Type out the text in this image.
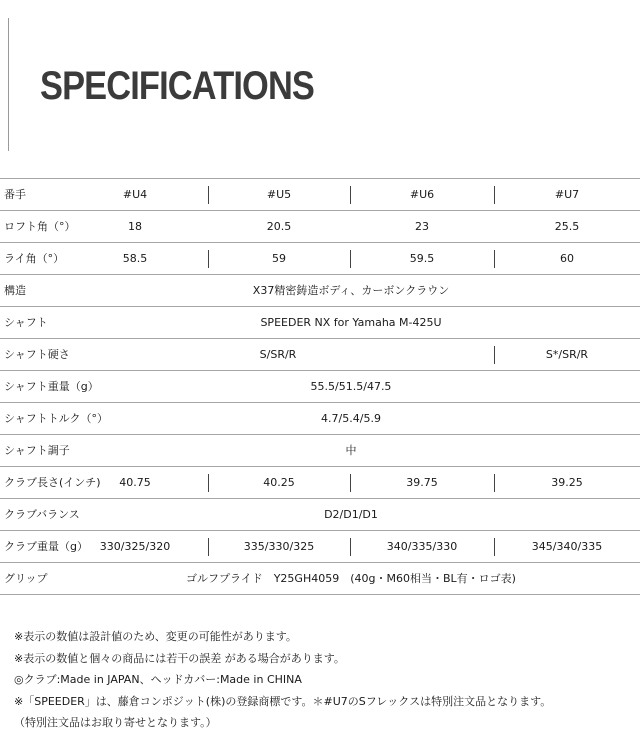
SPECIFICATIONS
番手	#U4	#U5	#U6	#U7
ロフト角（°）	18	20.5	23	25.5
ライ角（°）	58.5	59	59.5	60
構造	X37精密鋳造ボディ、カーボンクラウン
シャフト	SPEEDER NX for Yamaha M-425U
シャフト硬さ	S/SR/R	S*/SR/R
シャフト重量（g）	55.5/51.5/47.5
シャフトトルク（°）	4.7/5.4/5.9
シャフト調子	中
クラブ長さ(インチ)	40.75	40.25	39.75	39.25
クラブバランス	D2/D1/D1
クラブ重量（g）	330/325/320	335/330/325	340/335/330	345/340/335
グリップ	ゴルフプライド　Y25GH4059　(40g・M60相当・BL有・ロゴ表)
※表示の数値は設計値のため、変更の可能性があります。
※表示の数値と個々の商品には若干の誤差 がある場合があります。
◎クラブ:Made in JAPAN、ヘッドカバー:Made in CHINA
※「SPEEDER」は、藤倉コンポジット(株)の登録商標です。＊#U7のSフレックスは特別注文品となります。
（特別注文品はお取り寄せとなります。）
